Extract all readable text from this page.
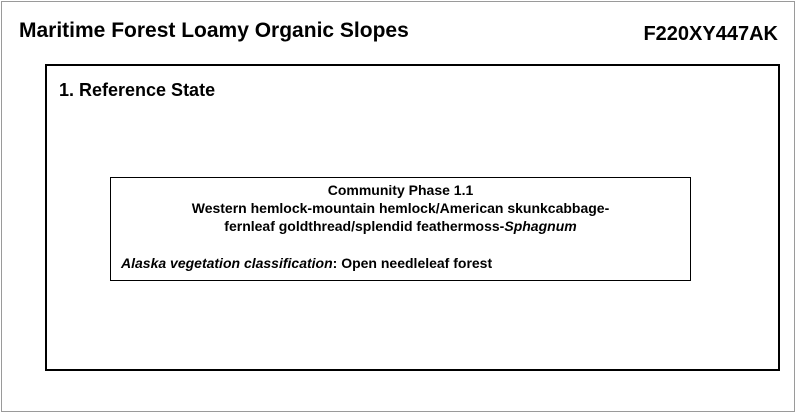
Maritime Forest Loamy Organic Slopes	F220XY447AK
1. Reference State
Community Phase 1.1
Western hemlock-mountain hemlock/American skunkcabbage-
fernleaf goldthread/splendid feathermoss-Sphagnum
Alaska vegetation classification: Open needleleaf forest
